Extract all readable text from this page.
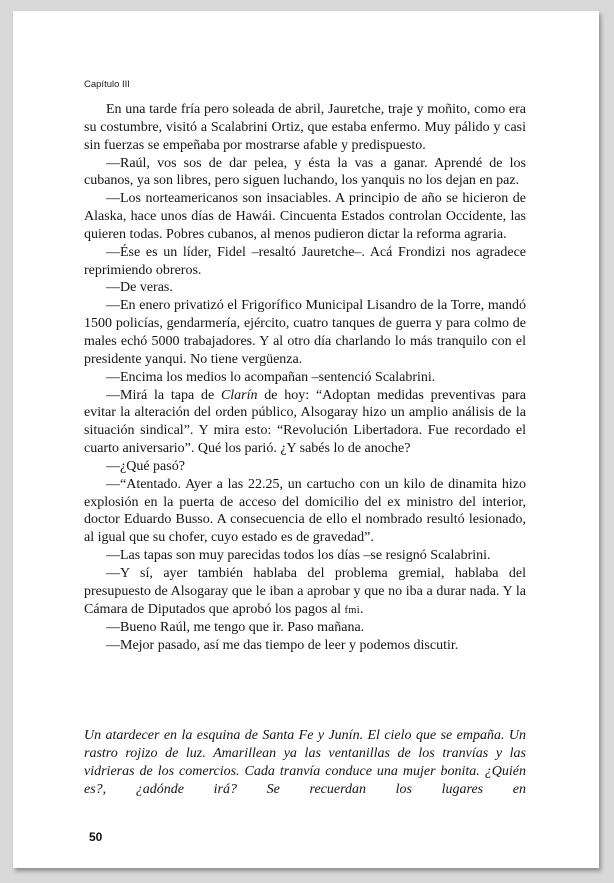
Capítulo III

En una tarde fría pero soleada de abril, Jauretche, traje y moñito, como era su costumbre, visitó a Scalabrini Ortiz, que estaba enfermo. Muy pálido y casi sin fuerzas se empeñaba por mostrarse afable y predispuesto.

—Raúl, vos sos de dar pelea, y ésta la vas a ganar. Aprendé de los cubanos, ya son libres, pero siguen luchando, los yanquis no los dejan en paz.

—Los norteamericanos son insaciables. A principio de año se hicieron de Alaska, hace unos días de Hawái. Cincuenta Estados controlan Occidente, las quieren todas. Pobres cubanos, al menos pudieron dictar la reforma agraria.

—Ése es un líder, Fidel –resaltó Jauretche–. Acá Frondizi nos agradece reprimiendo obreros.

—De veras.

—En enero privatizó el Frigorífico Municipal Lisandro de la Torre, mandó 1500 policías, gendarmería, ejército, cuatro tanques de guerra y para colmo de males echó 5000 trabajadores. Y al otro día charlando lo más tranquilo con el presidente yanqui. No tiene vergüenza.

—Encima los medios lo acompañan –sentenció Scalabrini.

—Mirá la tapa de Clarín de hoy: “Adoptan medidas preventivas para evitar la alteración del orden público, Alsogaray hizo un amplio análisis de la situación sindical”. Y mira esto: “Revolución Libertadora. Fue recordado el cuarto aniversario”. Qué los parió. ¿Y sabés lo de anoche?

—¿Qué pasó?

—“Atentado. Ayer a las 22.25, un cartucho con un kilo de dinamita hizo explosión en la puerta de acceso del domicilio del ex ministro del interior, doctor Eduardo Busso. A consecuencia de ello el nombrado resultó lesionado, al igual que su chofer, cuyo estado es de gravedad”.

—Las tapas son muy parecidas todos los días –se resignó Scalabrini.

—Y sí, ayer también hablaba del problema gremial, hablaba del presupuesto de Alsogaray que le iban a aprobar y que no iba a durar nada. Y la Cámara de Diputados que aprobó los pagos al fmi.

—Bueno Raúl, me tengo que ir. Paso mañana.

—Mejor pasado, así me das tiempo de leer y podemos discutir.

Un atardecer en la esquina de Santa Fe y Junín. El cielo que se empaña. Un rastro rojizo de luz. Amarillean ya las ventanillas de los tranvías y las vidrieras de los comercios. Cada tranvía conduce una mujer bonita. ¿Quién es?, ¿adónde irá? Se recuerdan los lugares en
50
